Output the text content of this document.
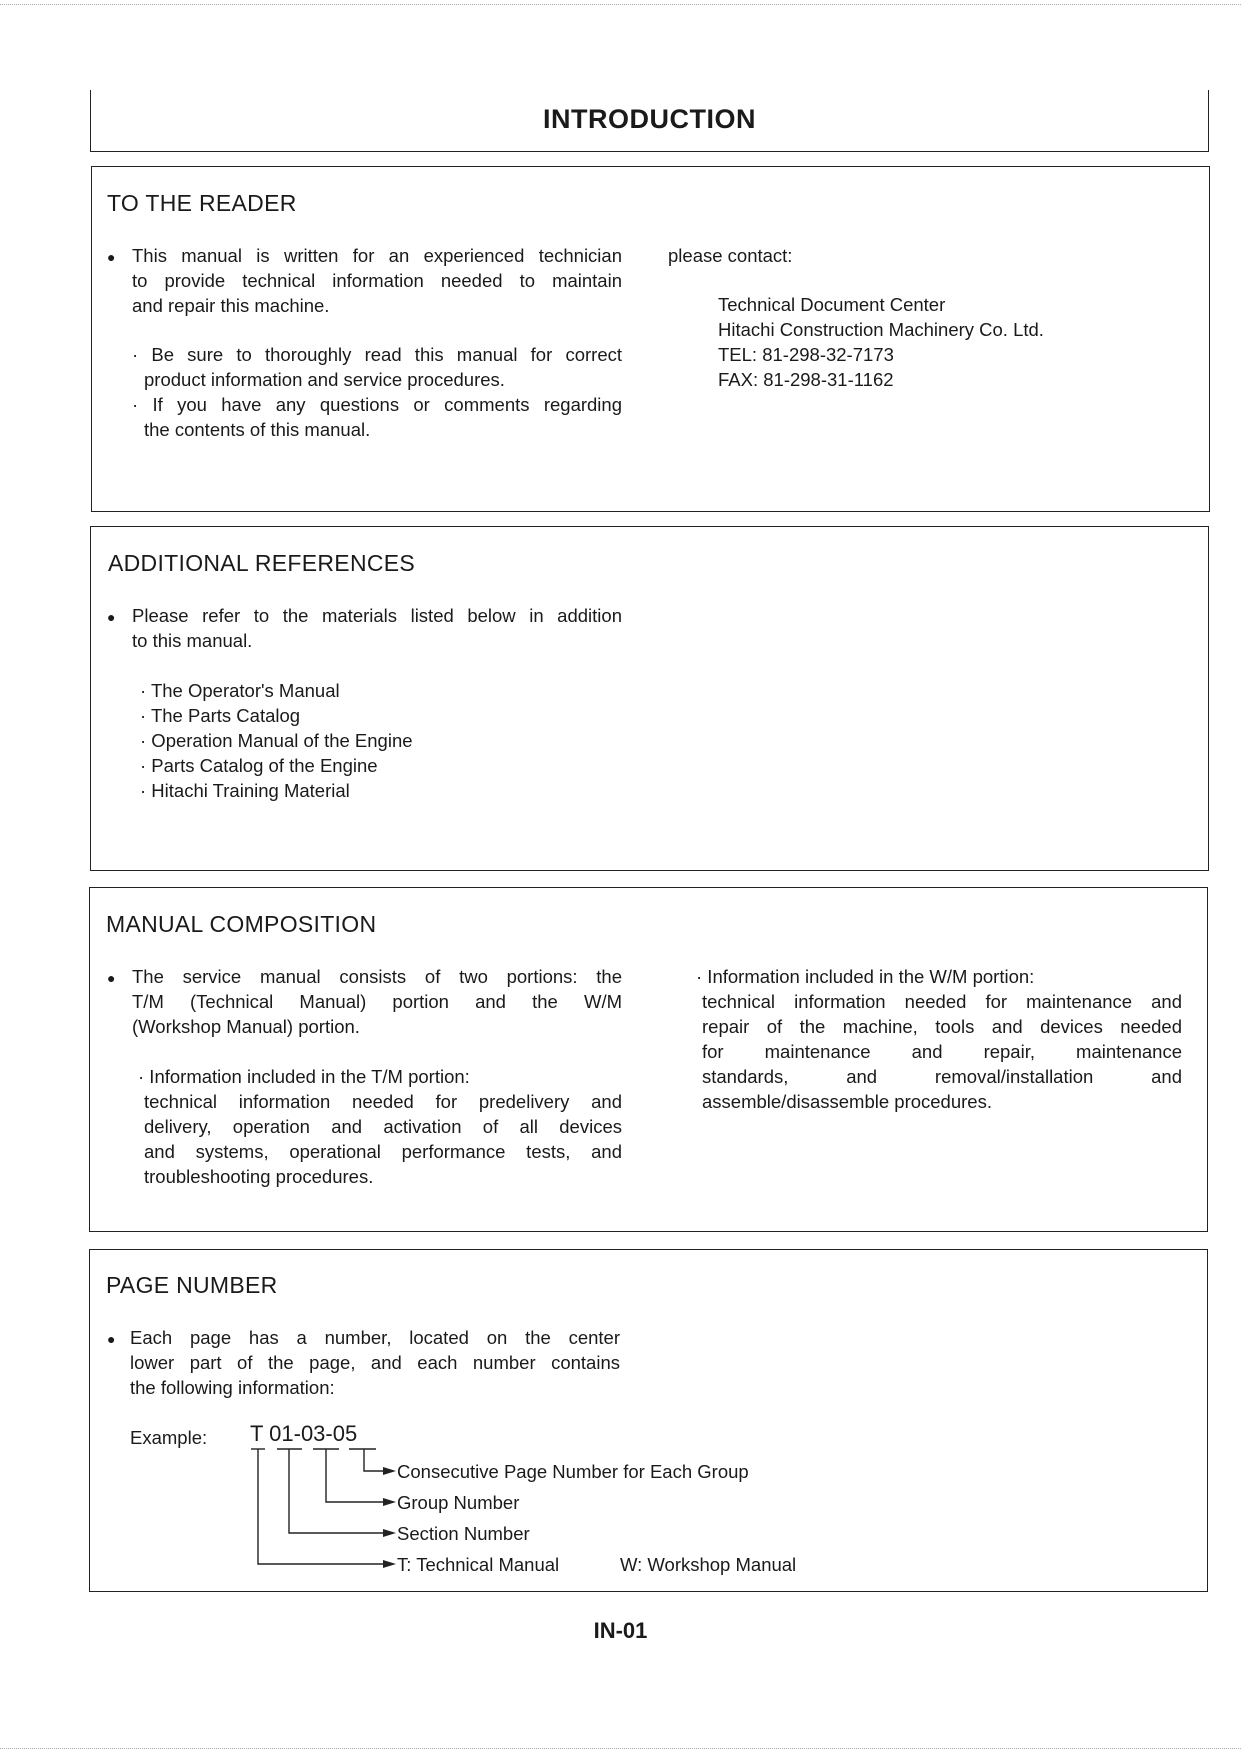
INTRODUCTION
TO THE READER
● This manual is written for an experienced technician
to provide technical information needed to maintain
and repair this machine.
· Be sure to thoroughly read this manual for correct
product information and service procedures.
· If you have any questions or comments regarding
the contents of this manual.
please contact:
Technical Document Center
Hitachi Construction Machinery Co. Ltd.
TEL: 81-298-32-7173
FAX: 81-298-31-1162
ADDITIONAL REFERENCES
● Please refer to the materials listed below in addition
to this manual.
· The Operator's Manual
· The Parts Catalog
· Operation Manual of the Engine
· Parts Catalog of the Engine
· Hitachi Training Material
MANUAL COMPOSITION
● The service manual consists of two portions: the
T/M (Technical Manual) portion and the W/M
(Workshop Manual) portion.
· Information included in the T/M portion:
technical information needed for predelivery and
delivery, operation and activation of all devices
and systems, operational performance tests, and
troubleshooting procedures.
· Information included in the W/M portion:
technical information needed for maintenance and
repair of the machine, tools and devices needed
for maintenance and repair, maintenance
standards, and removal/installation and
assemble/disassemble procedures.
PAGE NUMBER
● Each page has a number, located on the center
lower part of the page, and each number contains
the following information:
Example: T 01-03-05
Consecutive Page Number for Each Group
Group Number
Section Number
T: Technical Manual	W: Workshop Manual
IN-01
